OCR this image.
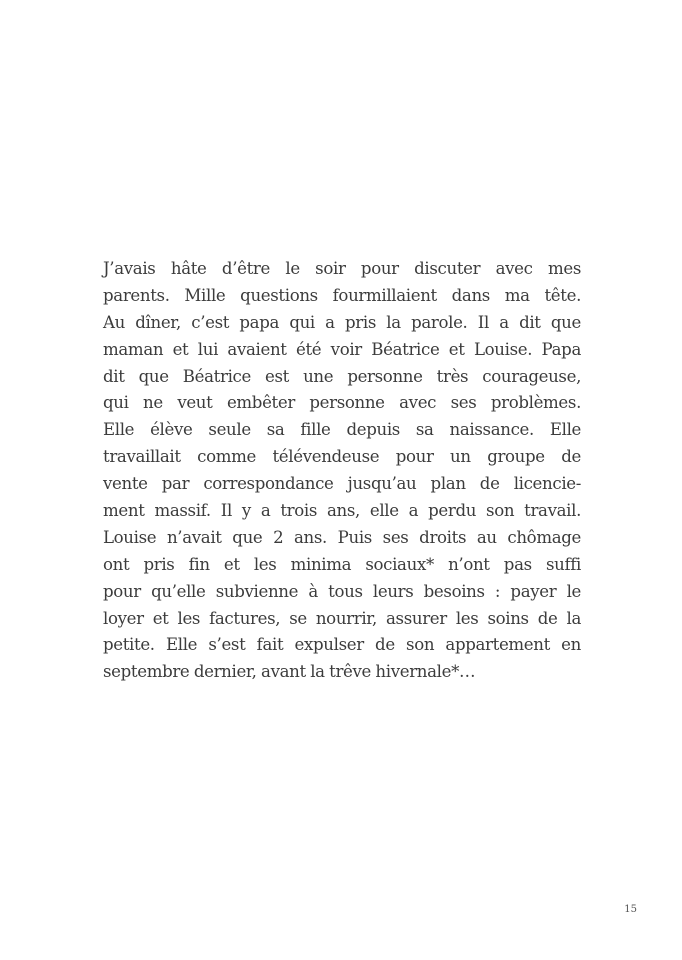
J’avais hâte d’être le soir pour discuter avec mes
parents. Mille questions fourmillaient dans ma tête.
Au dîner, c’est papa qui a pris la parole. Il a dit que
maman et lui avaient été voir Béatrice et Louise. Papa
dit que Béatrice est une personne très courageuse,
qui ne veut embêter personne avec ses problèmes.
Elle élève seule sa fille depuis sa naissance. Elle
travaillait comme télévendeuse pour un groupe de
vente par correspondance jusqu’au plan de licencie-
ment massif. Il y a trois ans, elle a perdu son travail.
Louise n’avait que 2 ans. Puis ses droits au chômage
ont pris fin et les minima sociaux* n’ont pas suffi
pour qu’elle subvienne à tous leurs besoins : payer le
loyer et les factures, se nourrir, assurer les soins de la
petite. Elle s’est fait expulser de son appartement en
septembre dernier, avant la trêve hivernale*…
15
